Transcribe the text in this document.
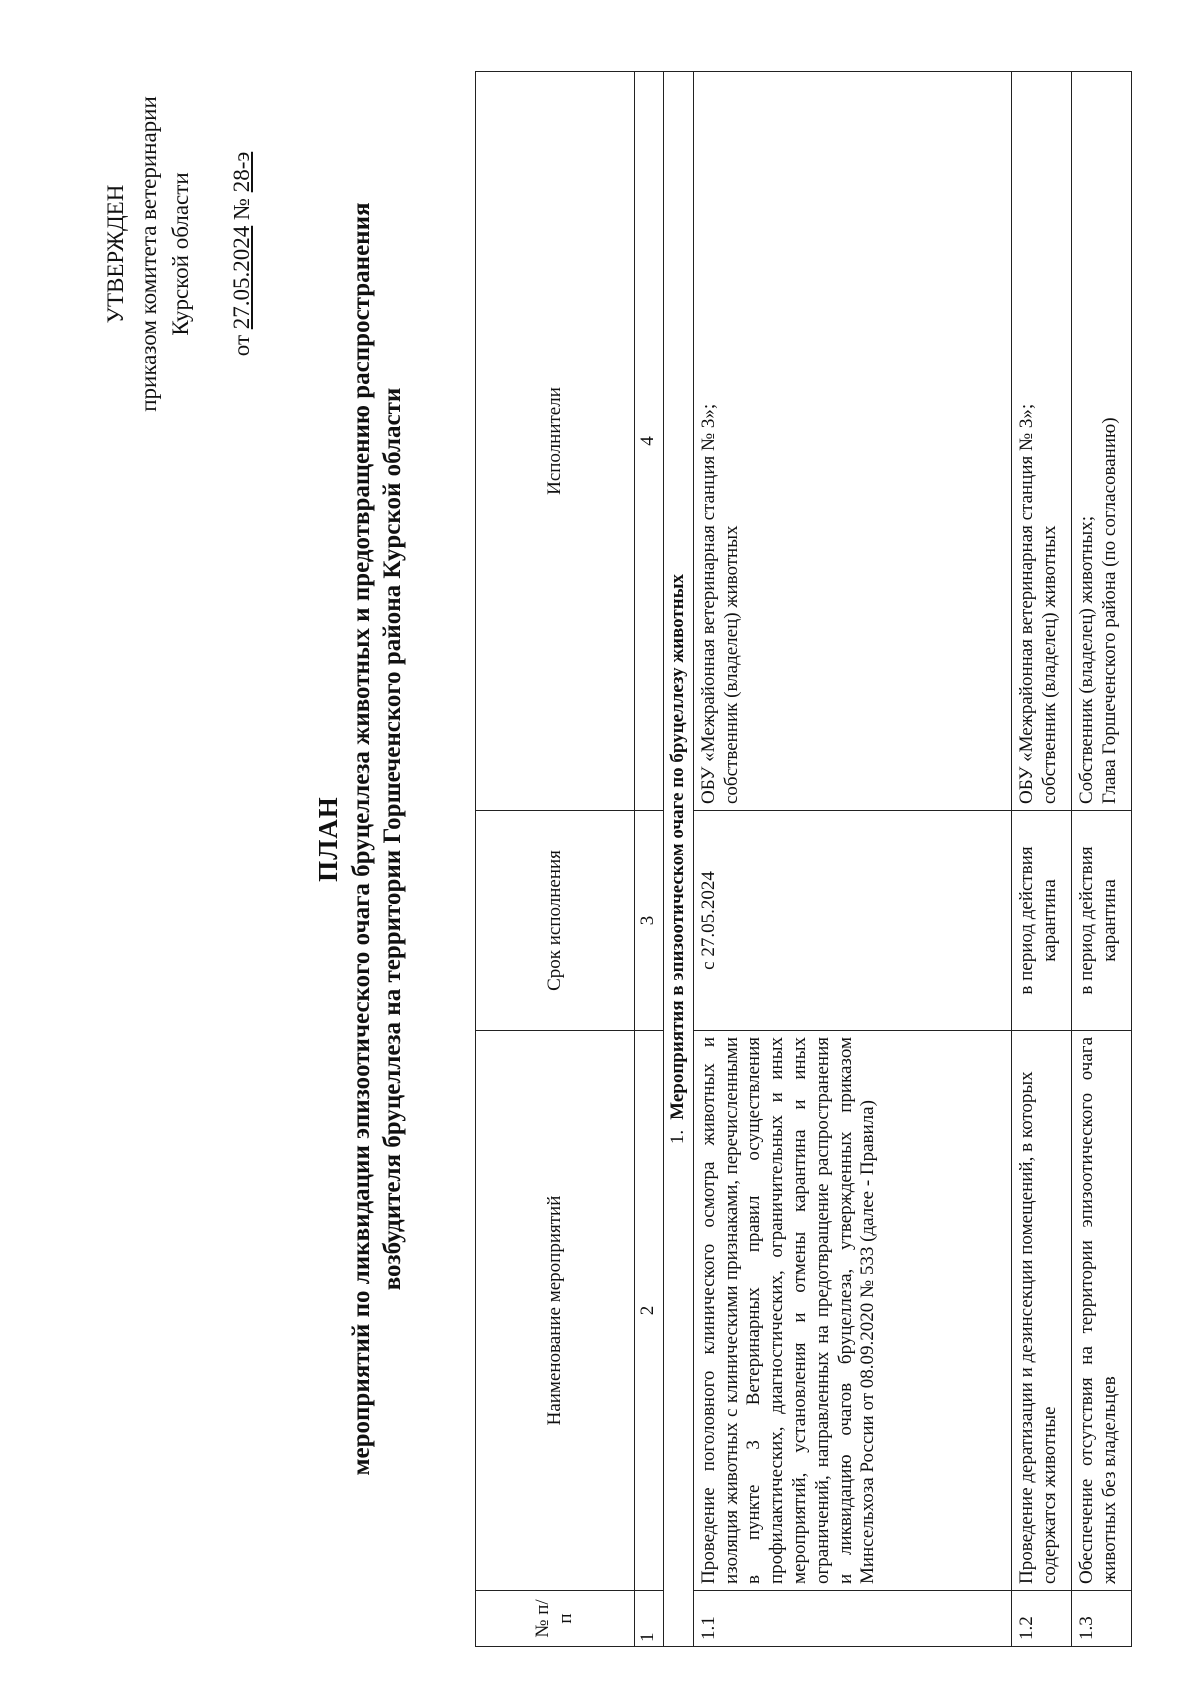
УТВЕРЖДЕН приказом комитета ветеринарии Курской области
от 27.05.2024 № 28-э
ПЛАН мероприятий по ликвидации эпизоотического очага бруцеллеза животных и предотвращению распространения возбудителя бруцеллеза на территории Горшеченского района Курской области
№ п/п	Наименование мероприятий	Срок исполнения	Исполнители
1	2	3	4
1.Мероприятия в эпизоотическом очаге по бруцеллезу животных			
1.1	Проведение поголовного клинического осмотра животных и изоляция животных с клиническими признаками, перечисленными в пункте 3 Ветеринарных правил осуществления профилактических, диагностических, ограничительных и иных мероприятий, установления и отмены карантина и иных ограничений, направленных на предотвращение распространения и ликвидацию очагов бруцеллеза, утвержденных приказом Минсельхоза России от 08.09.2020 № 533 (далее - Правила)	с 27.05.2024	ОБУ «Межрайонная ветеринарная станция № 3»; собственник (владелец) животных

1.2	Проведение дератизации и дезинсекции помещений, в которых содержатся животные	в период действия карантина	ОБУ «Межрайонная ветеринарная станция № 3»; собственник (владелец) животных

1.3	Обеспечение отсутствия на территории эпизоотического очага животных без владельцев	в период действия карантина	Собственник (владелец) животных; Глава Горшеченского района (по согласованию)
